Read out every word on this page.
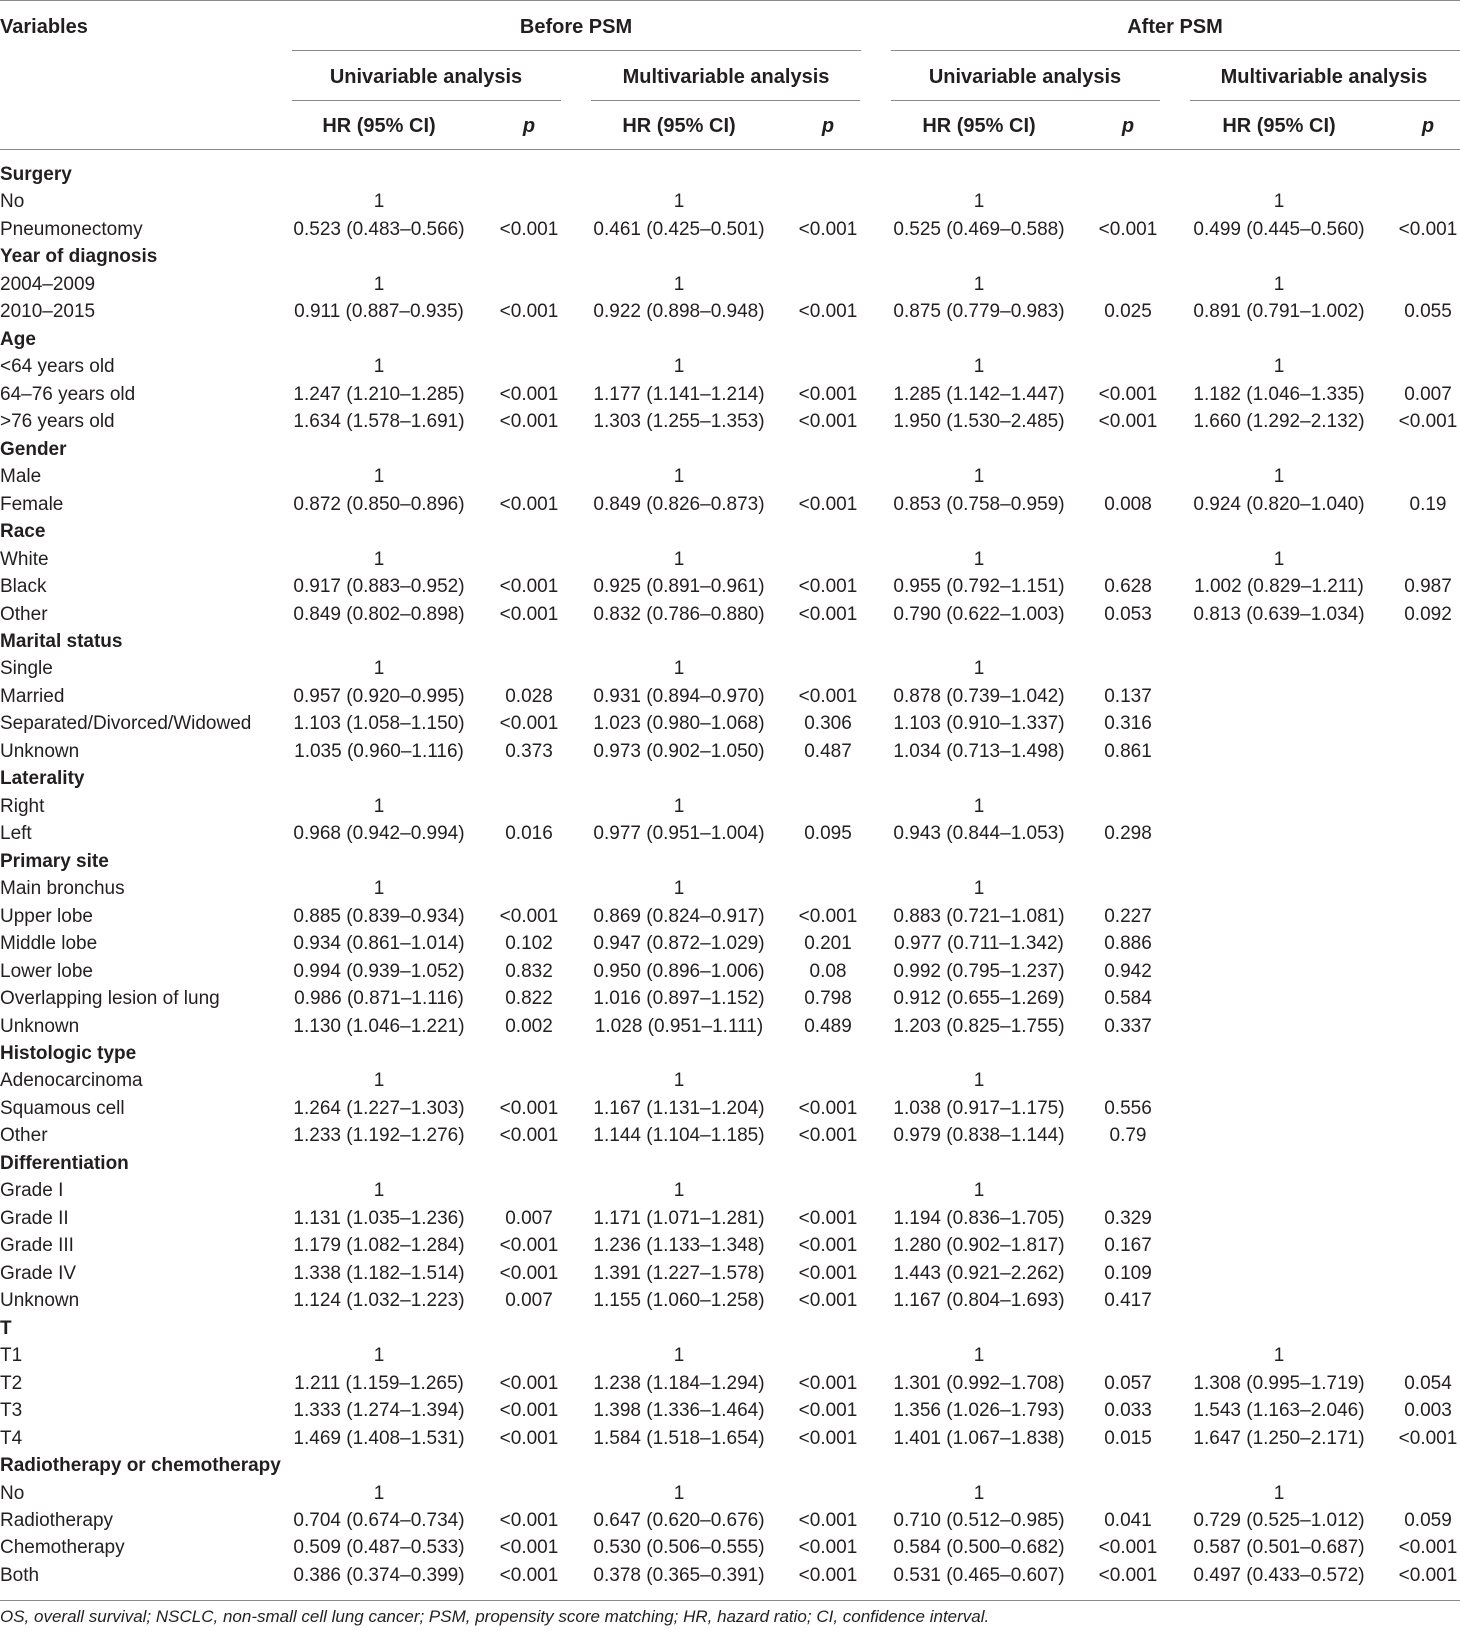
Variables	Before PSM	After PSM
Univariable analysis	Multivariable analysis	Univariable analysis	Multivariable analysis
HR (95% CI)	p	HR (95% CI)	p	HR (95% CI)	p	HR (95% CI)	p
Surgery
No	1	1	1	1
Pneumonectomy	0.523 (0.483–0.566) <0.001 0.461 (0.425–0.501) <0.001 0.525 (0.469–0.588) <0.001 0.499 (0.445–0.560) <0.001
Year of diagnosis
2004–2009	1	1	1	1
2010–2015	0.911 (0.887–0.935) <0.001 0.922 (0.898–0.948) <0.001 0.875 (0.779–0.983) 0.025 0.891 (0.791–1.002) 0.055
Age
<64 years old	1	1	1	1
64–76 years old	1.247 (1.210–1.285) <0.001 1.177 (1.141–1.214) <0.001 1.285 (1.142–1.447) <0.001 1.182 (1.046–1.335) 0.007
>76 years old	1.634 (1.578–1.691) <0.001 1.303 (1.255–1.353) <0.001 1.950 (1.530–2.485) <0.001 1.660 (1.292–2.132) <0.001
Gender
Male	1	1	1	1
Female	0.872 (0.850–0.896) <0.001 0.849 (0.826–0.873) <0.001 0.853 (0.758–0.959) 0.008 0.924 (0.820–1.040) 0.19
Race
White	1	1	1	1
Black	0.917 (0.883–0.952) <0.001 0.925 (0.891–0.961) <0.001 0.955 (0.792–1.151) 0.628 1.002 (0.829–1.211) 0.987
Other	0.849 (0.802–0.898) <0.001 0.832 (0.786–0.880) <0.001 0.790 (0.622–1.003) 0.053 0.813 (0.639–1.034) 0.092
Marital status
Single	1	1	1
Married	0.957 (0.920–0.995) 0.028 0.931 (0.894–0.970) <0.001 0.878 (0.739–1.042) 0.137
Separated/Divorced/Widowed 1.103 (1.058–1.150) <0.001 1.023 (0.980–1.068) 0.306 1.103 (0.910–1.337) 0.316
Unknown	1.035 (0.960–1.116) 0.373 0.973 (0.902–1.050) 0.487 1.034 (0.713–1.498) 0.861
Laterality
Right	1	1	1
Left	0.968 (0.942–0.994) 0.016 0.977 (0.951–1.004) 0.095 0.943 (0.844–1.053) 0.298
Primary site
Main bronchus	1	1	1
Upper lobe	0.885 (0.839–0.934) <0.001 0.869 (0.824–0.917) <0.001 0.883 (0.721–1.081) 0.227
Middle lobe	0.934 (0.861–1.014) 0.102 0.947 (0.872–1.029) 0.201 0.977 (0.711–1.342) 0.886
Lower lobe	0.994 (0.939–1.052) 0.832 0.950 (0.896–1.006) 0.08 0.992 (0.795–1.237) 0.942
Overlapping lesion of lung	0.986 (0.871–1.116) 0.822 1.016 (0.897–1.152) 0.798 0.912 (0.655–1.269) 0.584
Unknown	1.130 (1.046–1.221) 0.002 1.028 (0.951–1.111) 0.489 1.203 (0.825–1.755) 0.337
Histologic type
Adenocarcinoma	1	1	1
Squamous cell	1.264 (1.227–1.303) <0.001 1.167 (1.131–1.204) <0.001 1.038 (0.917–1.175) 0.556
Other	1.233 (1.192–1.276) <0.001 1.144 (1.104–1.185) <0.001 0.979 (0.838–1.144) 0.79
Differentiation
Grade I	1	1	1
Grade II	1.131 (1.035–1.236) 0.007 1.171 (1.071–1.281) <0.001 1.194 (0.836–1.705) 0.329
Grade III	1.179 (1.082–1.284) <0.001 1.236 (1.133–1.348) <0.001 1.280 (0.902–1.817) 0.167
Grade IV	1.338 (1.182–1.514) <0.001 1.391 (1.227–1.578) <0.001 1.443 (0.921–2.262) 0.109
Unknown	1.124 (1.032–1.223) 0.007 1.155 (1.060–1.258) <0.001 1.167 (0.804–1.693) 0.417
T
T1	1	1	1	1
T2	1.211 (1.159–1.265) <0.001 1.238 (1.184–1.294) <0.001 1.301 (0.992–1.708) 0.057 1.308 (0.995–1.719) 0.054
T3	1.333 (1.274–1.394) <0.001 1.398 (1.336–1.464) <0.001 1.356 (1.026–1.793) 0.033 1.543 (1.163–2.046) 0.003
T4	1.469 (1.408–1.531) <0.001 1.584 (1.518–1.654) <0.001 1.401 (1.067–1.838) 0.015 1.647 (1.250–2.171) <0.001
Radiotherapy or chemotherapy
No	1	1	1	1
Radiotherapy	0.704 (0.674–0.734) <0.001 0.647 (0.620–0.676) <0.001 0.710 (0.512–0.985) 0.041 0.729 (0.525–1.012) 0.059
Chemotherapy	0.509 (0.487–0.533) <0.001 0.530 (0.506–0.555) <0.001 0.584 (0.500–0.682) <0.001 0.587 (0.501–0.687) <0.001
Both	0.386 (0.374–0.399) <0.001 0.378 (0.365–0.391) <0.001 0.531 (0.465–0.607) <0.001 0.497 (0.433–0.572) <0.001
OS, overall survival; NSCLC, non-small cell lung cancer; PSM, propensity score matching; HR, hazard ratio; CI, confidence interval.
